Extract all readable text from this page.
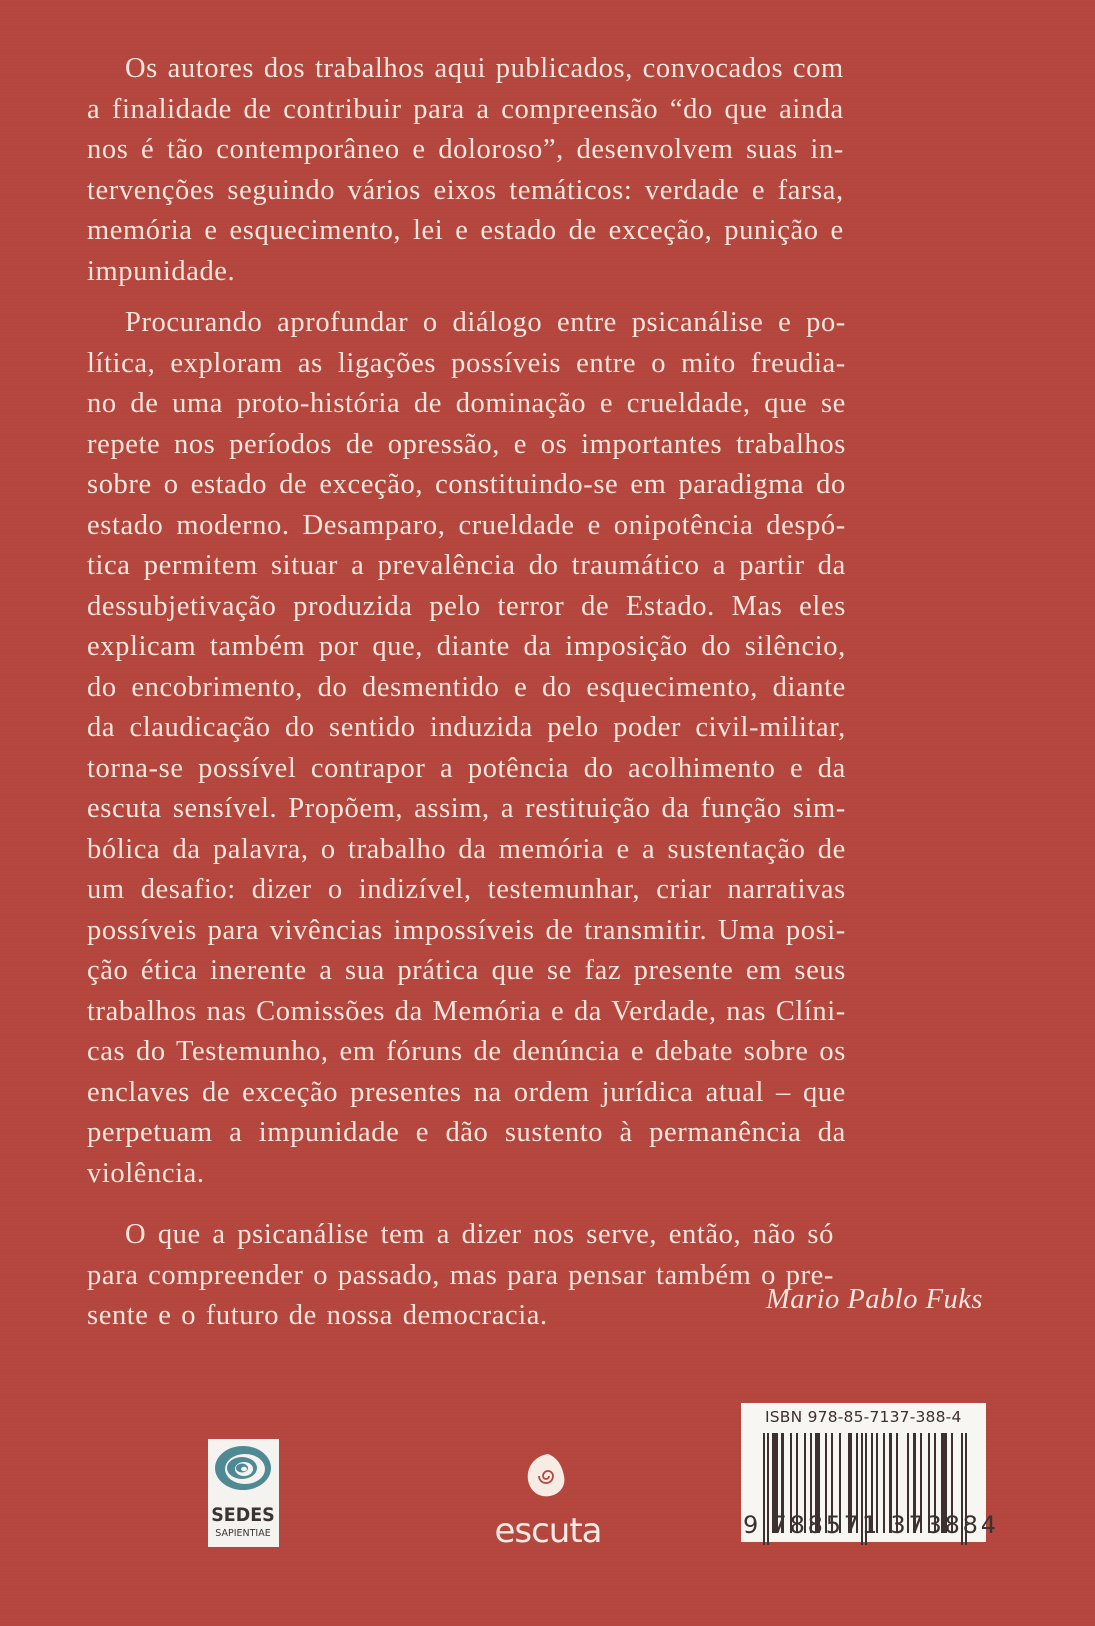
Os autores dos trabalhos aqui publicados, convocados com
a finalidade de contribuir para a compreensão “do que ainda
nos é tão contemporâneo e doloroso”, desenvolvem suas in-
tervenções seguindo vários eixos temáticos: verdade e farsa,
memória e esquecimento, lei e estado de exceção, punição e
impunidade.

Procurando aprofundar o diálogo entre psicanálise e po-
lítica, exploram as ligações possíveis entre o mito freudia-
no de uma proto-história de dominação e crueldade, que se
repete nos períodos de opressão, e os importantes trabalhos
sobre o estado de exceção, constituindo-se em paradigma do
estado moderno. Desamparo, crueldade e onipotência despó-
tica permitem situar a prevalência do traumático a partir da
dessubjetivação produzida pelo terror de Estado. Mas eles
explicam também por que, diante da imposição do silêncio,
do encobrimento, do desmentido e do esquecimento, diante
da claudicação do sentido induzida pelo poder civil-militar,
torna-se possível contrapor a potência do acolhimento e da
escuta sensível. Propõem, assim, a restituição da função sim-
bólica da palavra, o trabalho da memória e a sustentação de
um desafio: dizer o indizível, testemunhar, criar narrativas
possíveis para vivências impossíveis de transmitir. Uma posi-
ção ética inerente a sua prática que se faz presente em seus
trabalhos nas Comissões da Memória e da Verdade, nas Clíni-
cas do Testemunho, em fóruns de denúncia e debate sobre os
enclaves de exceção presentes na ordem jurídica atual – que
perpetuam a impunidade e dão sustento à permanência da
violência.

O que a psicanálise tem a dizer nos serve, então, não só
para compreender o passado, mas para pensar também o pre-
sente e o futuro de nossa democracia.

Mario Pablo Fuks
SEDES
SAPIENTIAE	escuta
ISBN 978-85-7137-388-4
9 788571 373884
